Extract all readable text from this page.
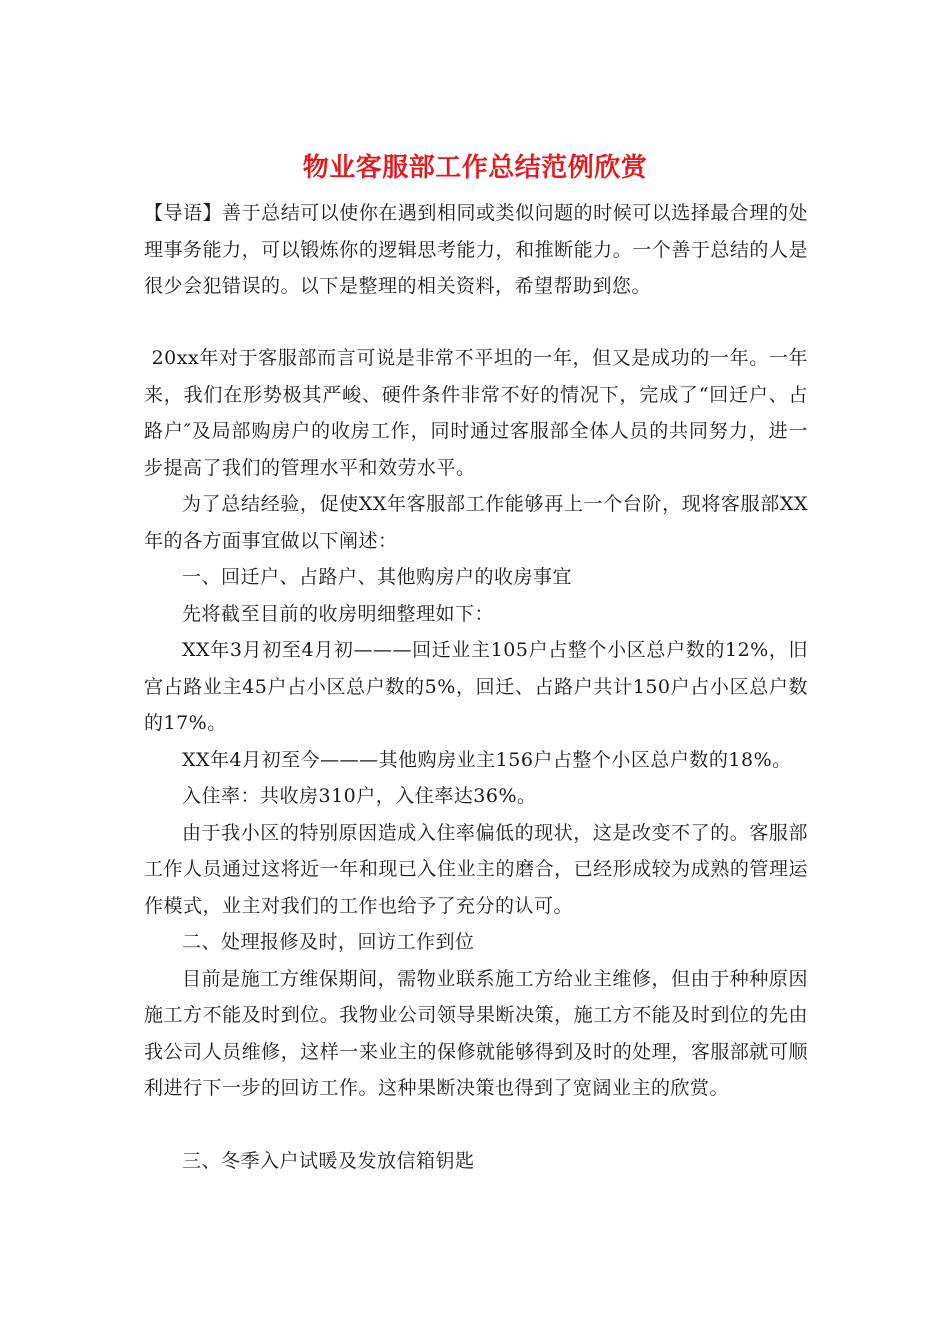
物业客服部工作总结范例欣赏

【导语】善于总结可以使你在遇到相同或类似问题的时候可以选择最合理的处理事务能力，可以锻炼你的逻辑思考能力，和推断能力。一个善于总结的人是很少会犯错误的。以下是整理的相关资料，希望帮助到您。

20xx年对于客服部而言可说是非常不平坦的一年，但又是成功的一年。一年来，我们在形势极其严峻、硬件条件非常不好的情况下，完成了“回迁户、占路户″及局部购房户的收房工作，同时通过客服部全体人员的共同努力，进一步提高了我们的管理水平和效劳水平。

为了总结经验，促使XX年客服部工作能够再上一个台阶，现将客服部XX年的各方面事宜做以下阐述：

一、回迁户、占路户、其他购房户的收房事宜

先将截至目前的收房明细整理如下：

XX年3月初至4月初———回迁业主105户占整个小区总户数的12%，旧宫占路业主45户占小区总户数的5%，回迁、占路户共计150户占小区总户数的17%。

XX年4月初至今———其他购房业主156户占整个小区总户数的18%。

入住率：共收房310户，入住率达36%。

由于我小区的特别原因造成入住率偏低的现状，这是改变不了的。客服部工作人员通过这将近一年和现已入住业主的磨合，已经形成较为成熟的管理运作模式，业主对我们的工作也给予了充分的认可。

二、处理报修及时，回访工作到位

目前是施工方维保期间，需物业联系施工方给业主维修，但由于种种原因施工方不能及时到位。我物业公司领导果断决策，施工方不能及时到位的先由我公司人员维修，这样一来业主的保修就能够得到及时的处理，客服部就可顺利进行下一步的回访工作。这种果断决策也得到了宽阔业主的欣赏。

三、冬季入户试暖及发放信箱钥匙
